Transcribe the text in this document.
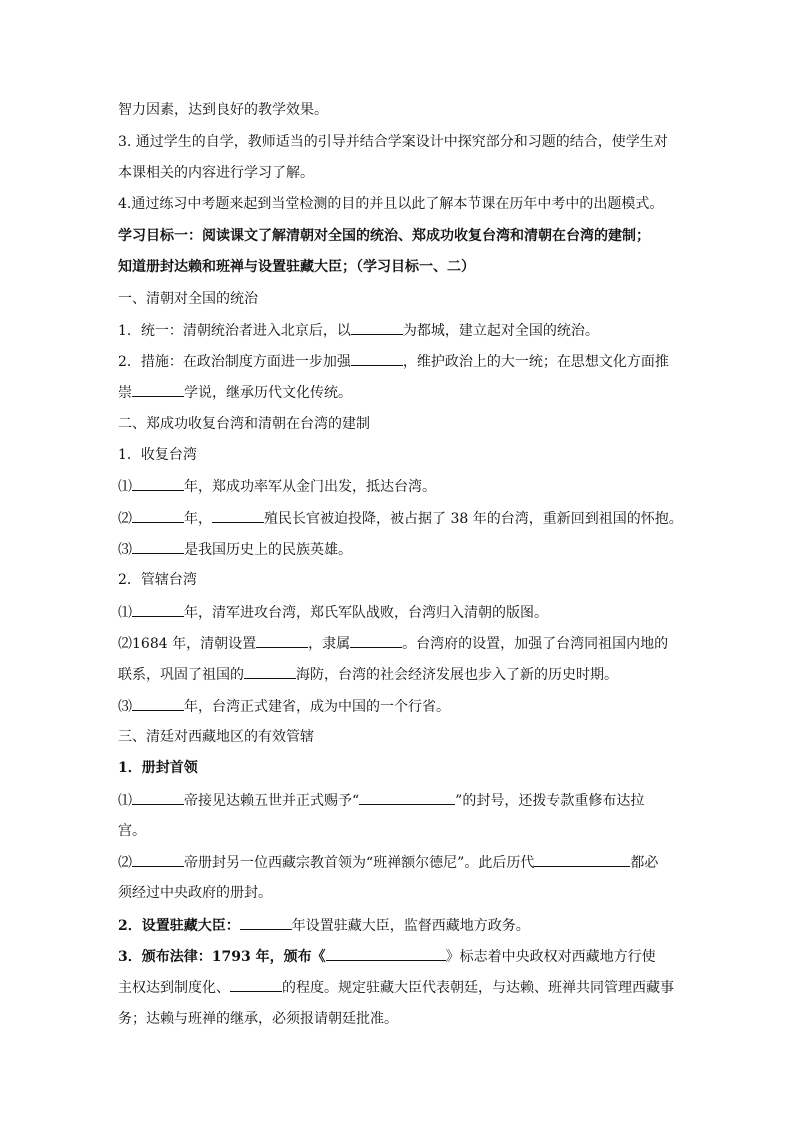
智力因素，达到良好的教学效果。
3. 通过学生的自学，教师适当的引导并结合学案设计中探究部分和习题的结合，使学生对
本课相关的内容进行学习了解。
4.通过练习中考题来起到当堂检测的目的并且以此了解本节课在历年中考中的出题模式。
学习目标一：阅读课文了解清朝对全国的统治、郑成功收复台湾和清朝在台湾的建制；
知道册封达赖和班禅与设置驻藏大臣；（学习目标一、二）
一、清朝对全国的统治
1．统一：清朝统治者进入北京后，以	为都城，建立起对全国的统治。
2．措施：在政治制度方面进一步加强	，维护政治上的大一统；在思想文化方面推
崇	学说，继承历代文化传统。
二、郑成功收复台湾和清朝在台湾的建制
1．收复台湾
⑴	年，郑成功率军从金门出发，抵达台湾。
⑵	年，	殖民长官被迫投降，被占据了 38 年的台湾，重新回到祖国的怀抱。
⑶	是我国历史上的民族英雄。
2．管辖台湾
⑴	年，清军进攻台湾，郑氏军队战败，台湾归入清朝的版图。
⑵1684 年，清朝设置	，隶属	。台湾府的设置，加强了台湾同祖国内地的
联系，巩固了祖国的	海防，台湾的社会经济发展也步入了新的历史时期。
⑶	年，台湾正式建省，成为中国的一个行省。
三、清廷对西藏地区的有效管辖
1．册封首领
⑴	帝接见达赖五世并正式赐予“	”的封号，还拨专款重修布达拉
宫。
⑵	帝册封另一位西藏宗教首领为“班禅额尔德尼”。此后历代	都必
须经过中央政府的册封。
2．设置驻藏大臣：	年设置驻藏大臣，监督西藏地方政务。
3．颁布法律：1793 年，颁布《	》标志着中央政权对西藏地方行使
主权达到制度化、	的程度。规定驻藏大臣代表朝廷，与达赖、班禅共同管理西藏事
务；达赖与班禅的继承，必须报请朝廷批准。
